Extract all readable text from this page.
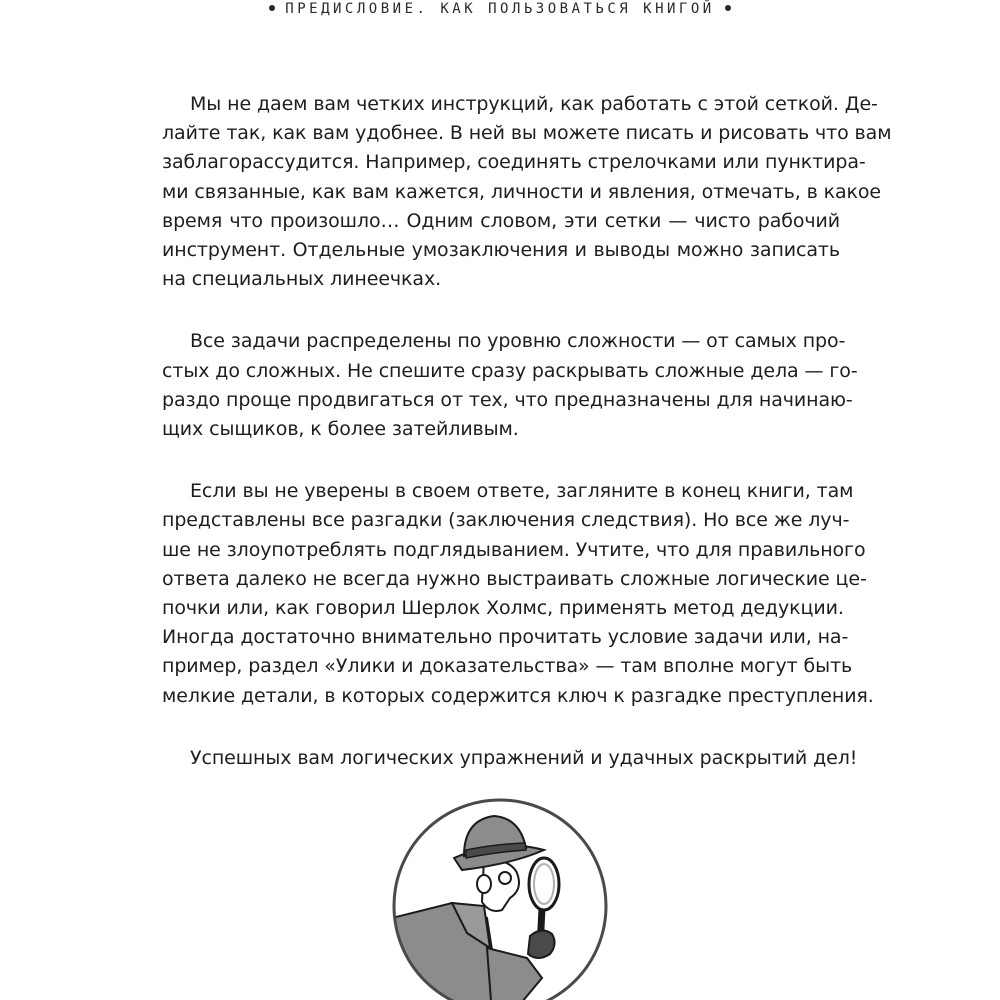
ПРЕДИСЛОВИЕ. КАК ПОЛЬЗОВАТЬСЯ КНИГОЙ

Мы не даем вам четких инструкций, как работать с этой сеткой. Де-
лайте так, как вам удобнее. В ней вы можете писать и рисовать что вам
заблагорассудится. Например, соединять стрелочками или пунктира-
ми связанные, как вам кажется, личности и явления, отмечать, в какое
время что произошло… Одним словом, эти сетки — чисто рабочий
инструмент. Отдельные умозаключения и выводы можно записать
на специальных линеечках.

Все задачи распределены по уровню сложности — от самых про-
стых до сложных. Не спешите сразу раскрывать сложные дела — го-
раздо проще продвигаться от тех, что предназначены для начинаю-
щих сыщиков, к более затейливым.

Если вы не уверены в своем ответе, загляните в конец книги, там
представлены все разгадки (заключения следствия). Но все же луч-
ше не злоупотреблять подглядыванием. Учтите, что для правильного
ответа далеко не всегда нужно выстраивать сложные логические це-
почки или, как говорил Шерлок Холмс, применять метод дедукции.
Иногда достаточно внимательно прочитать условие задачи или, на-
пример, раздел «Улики и доказательства» — там вполне могут быть
мелкие детали, в которых содержится ключ к разгадке преступления.

Успешных вам логических упражнений и удачных раскрытий дел!
